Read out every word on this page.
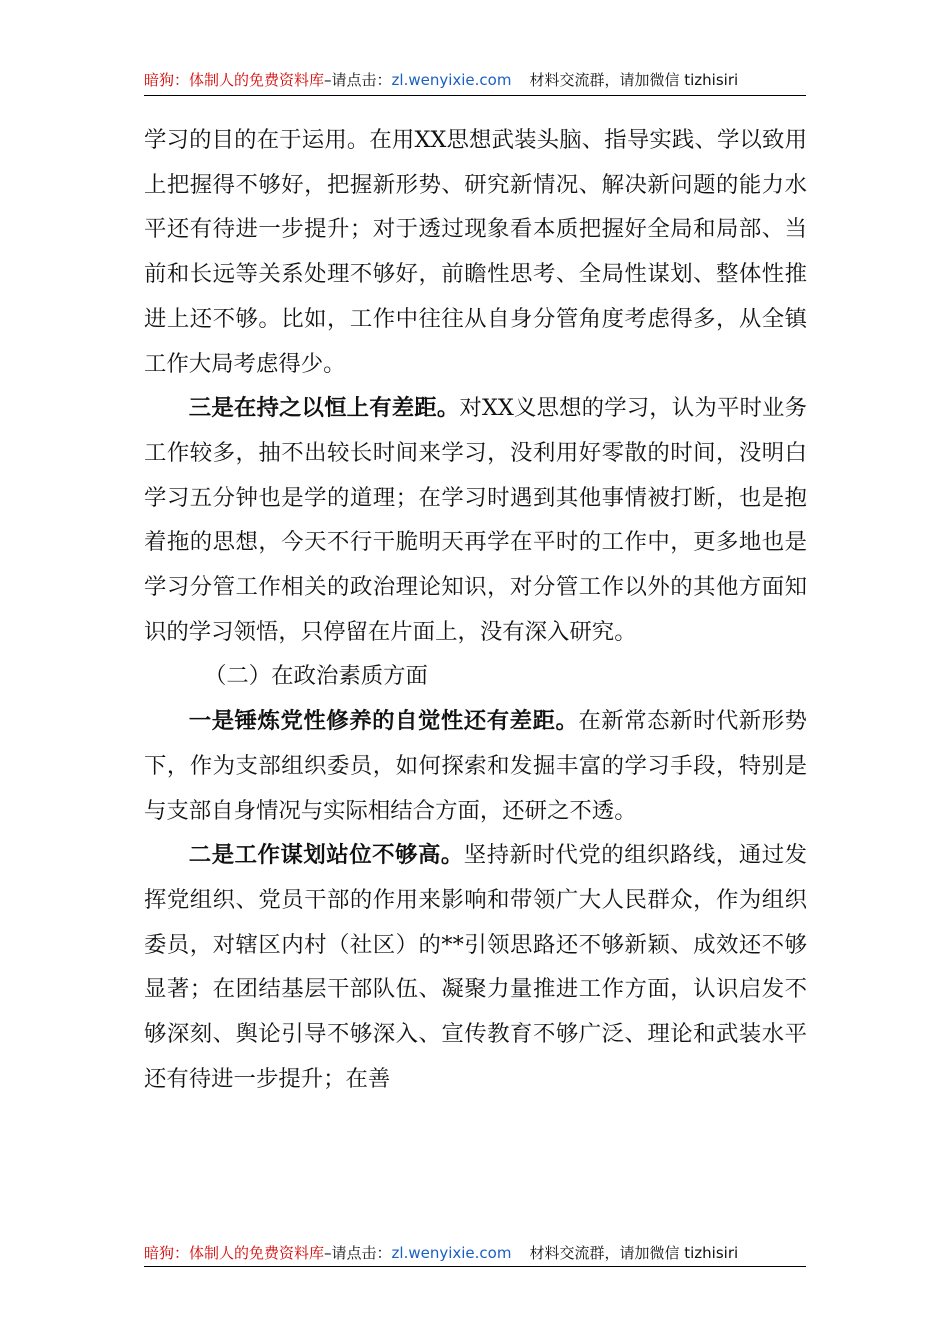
暗狗：体制人的免费资料库–请点击：zl.wenyixie.com 材料交流群，请加微信 tizhisiri

学习的目的在于运用。在用XX思想武装头脑、指导实践、学以致用上把握得不够好，把握新形势、研究新情况、解决新问题的能力水平还有待进一步提升；对于透过现象看本质把握好全局和局部、当前和长远等关系处理不够好，前瞻性思考、全局性谋划、整体性推进上还不够。比如，工作中往往从自身分管角度考虑得多，从全镇工作大局考虑得少。

三是在持之以恒上有差距。对XX义思想的学习，认为平时业务工作较多，抽不出较长时间来学习，没利用好零散的时间，没明白学习五分钟也是学的道理；在学习时遇到其他事情被打断，也是抱着拖的思想，今天不行干脆明天再学在平时的工作中，更多地也是学习分管工作相关的政治理论知识，对分管工作以外的其他方面知识的学习领悟，只停留在片面上，没有深入研究。

（二）在政治素质方面

一是锤炼党性修养的自觉性还有差距。在新常态新时代新形势下，作为支部组织委员，如何探索和发掘丰富的学习手段，特别是与支部自身情况与实际相结合方面，还研之不透。

二是工作谋划站位不够高。坚持新时代党的组织路线，通过发挥党组织、党员干部的作用来影响和带领广大人民群众，作为组织委员，对辖区内村（社区）的**引领思路还不够新颖、成效还不够显著；在团结基层干部队伍、凝聚力量推进工作方面，认识启发不够深刻、舆论引导不够深入、宣传教育不够广泛、理论和武装水平还有待进一步提升；在善

暗狗：体制人的免费资料库–请点击：zl.wenyixie.com 材料交流群，请加微信 tizhisiri
